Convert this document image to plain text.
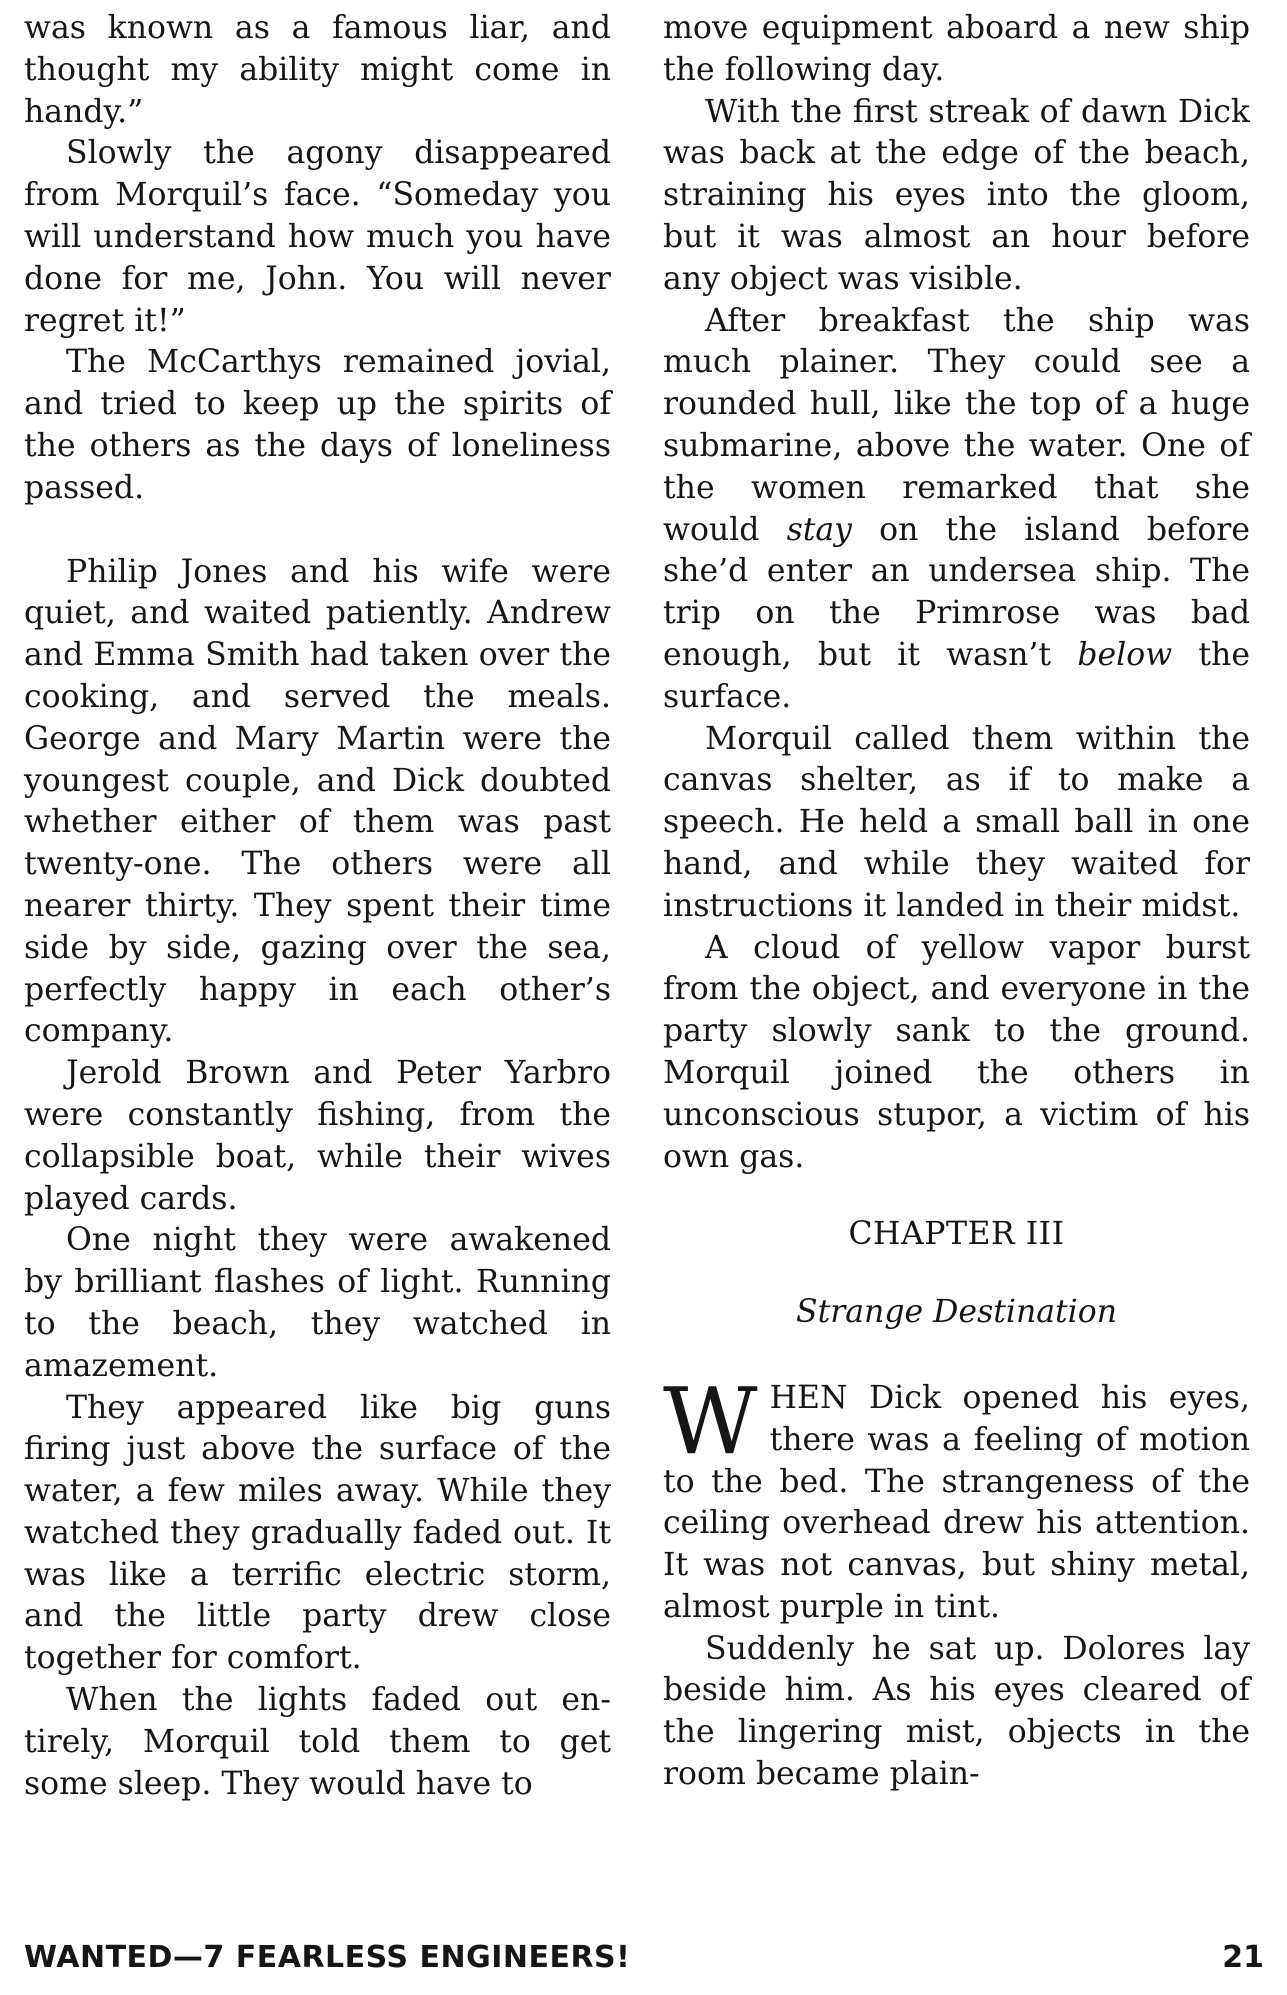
was known as a famous liar, and thought my ability might come in handy.”

Slowly the agony disappeared from Morquil’s face. “Someday you will understand how much you have done for me, John. You will never regret it!”

The McCarthys remained jovial, and tried to keep up the spirits of the others as the days of loneliness passed.

Philip Jones and his wife were quiet, and waited patiently. Andrew and Emma Smith had taken over the cooking, and served the meals. George and Mary Martin were the youngest couple, and Dick doubted whether either of them was past twenty-one. The others were all nearer thirty. They spent their time side by side, gazing over the sea, perfectly happy in each other’s company.

Jerold Brown and Peter Yarbro were constantly fishing, from the collapsible boat, while their wives played cards.

One night they were awakened by brilliant flashes of light. Running to the beach, they watched in amazement.

They appeared like big guns firing just above the surface of the water, a few miles away. While they watched they gradually faded out. It was like a terrific electric storm, and the little party drew close together for comfort.

When the lights faded out entirely, Morquil told them to get some sleep. They would have to

move equipment aboard a new ship the following day.

With the first streak of dawn Dick was back at the edge of the beach, straining his eyes into the gloom, but it was almost an hour before any object was visible.

After breakfast the ship was much plainer. They could see a rounded hull, like the top of a huge submarine, above the water. One of the women remarked that she would stay on the island before she’d enter an undersea ship. The trip on the Primrose was bad enough, but it wasn’t below the surface.

Morquil called them within the canvas shelter, as if to make a speech. He held a small ball in one hand, and while they waited for instructions it landed in their midst.

A cloud of yellow vapor burst from the object, and everyone in the party slowly sank to the ground. Morquil joined the others in unconscious stupor, a victim of his own gas.

CHAPTER III

Strange Destination

WHEN Dick opened his eyes, there was a feeling of motion to the bed. The strangeness of the ceiling overhead drew his attention. It was not canvas, but shiny metal, almost purple in tint.

Suddenly he sat up. Dolores lay beside him. As his eyes cleared of the lingering mist, objects in the room became plain-

WANTED—7 FEARLESS ENGINEERS!	21
